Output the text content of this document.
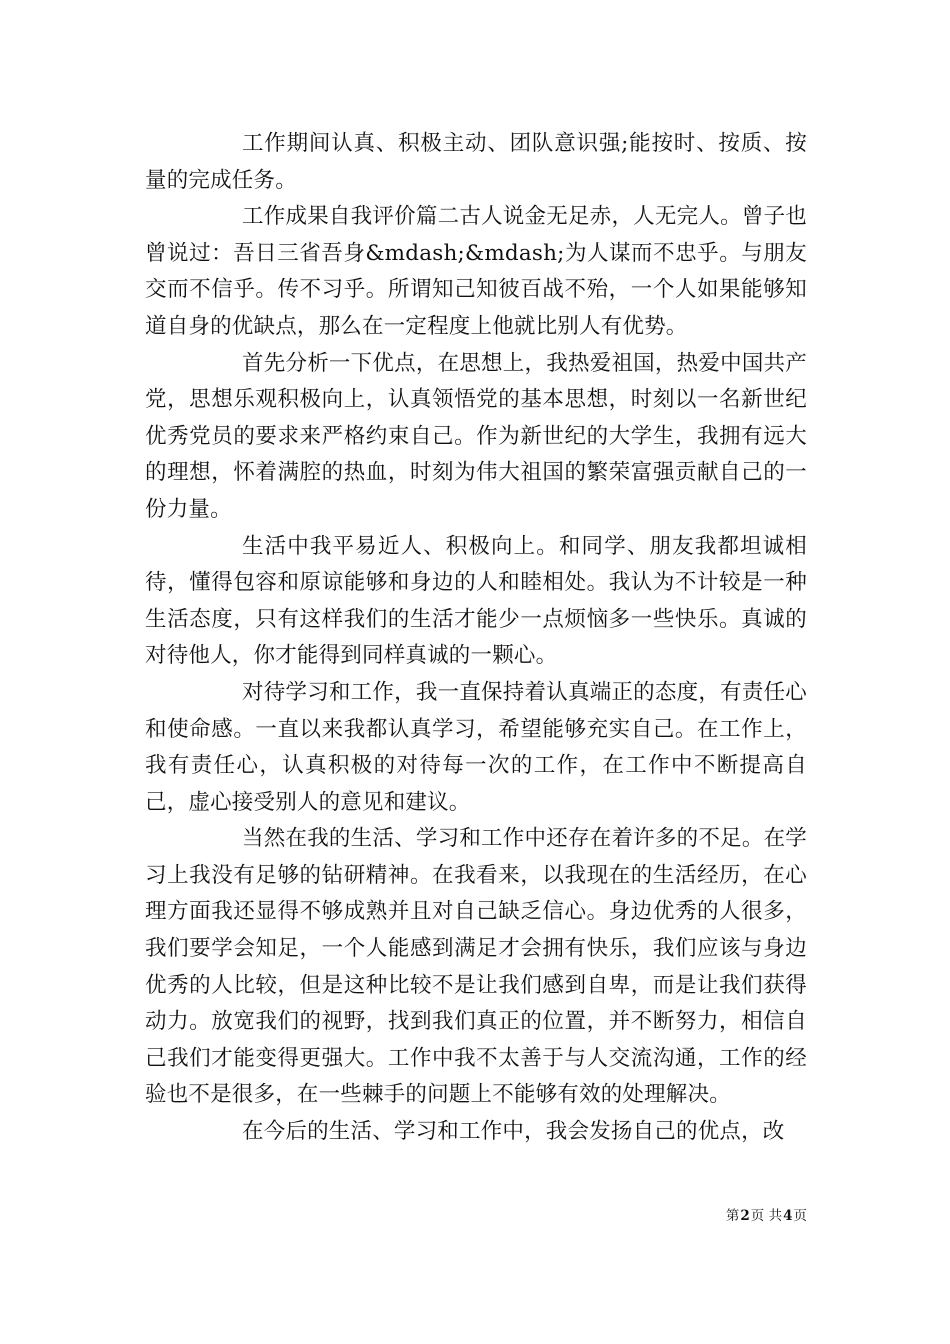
工作期间认真、积极主动、团队意识强;能按时、按质、按量的完成任务。

工作成果自我评价篇二古人说金无足赤，人无完人。曾子也曾说过：吾日三省吾身&mdash;&mdash;为人谋而不忠乎。与朋友交而不信乎。传不习乎。所谓知己知彼百战不殆，一个人如果能够知道自身的优缺点，那么在一定程度上他就比别人有优势。

首先分析一下优点，在思想上，我热爱祖国，热爱中国共产党，思想乐观积极向上，认真领悟党的基本思想，时刻以一名新世纪优秀党员的要求来严格约束自己。作为新世纪的大学生，我拥有远大的理想，怀着满腔的热血，时刻为伟大祖国的繁荣富强贡献自己的一份力量。

生活中我平易近人、积极向上。和同学、朋友我都坦诚相待，懂得包容和原谅能够和身边的人和睦相处。我认为不计较是一种生活态度，只有这样我们的生活才能少一点烦恼多一些快乐。真诚的对待他人，你才能得到同样真诚的一颗心。

对待学习和工作，我一直保持着认真端正的态度，有责任心和使命感。一直以来我都认真学习，希望能够充实自己。在工作上，我有责任心，认真积极的对待每一次的工作，在工作中不断提高自己，虚心接受别人的意见和建议。

当然在我的生活、学习和工作中还存在着许多的不足。在学习上我没有足够的钻研精神。在我看来，以我现在的生活经历，在心理方面我还显得不够成熟并且对自己缺乏信心。身边优秀的人很多，我们要学会知足，一个人能感到满足才会拥有快乐，我们应该与身边优秀的人比较，但是这种比较不是让我们感到自卑，而是让我们获得动力。放宽我们的视野，找到我们真正的位置，并不断努力，相信自己我们才能变得更强大。工作中我不太善于与人交流沟通，工作的经验也不是很多，在一些棘手的问题上不能够有效的处理解决。

在今后的生活、学习和工作中，我会发扬自己的优点，改

第2页 共4页
